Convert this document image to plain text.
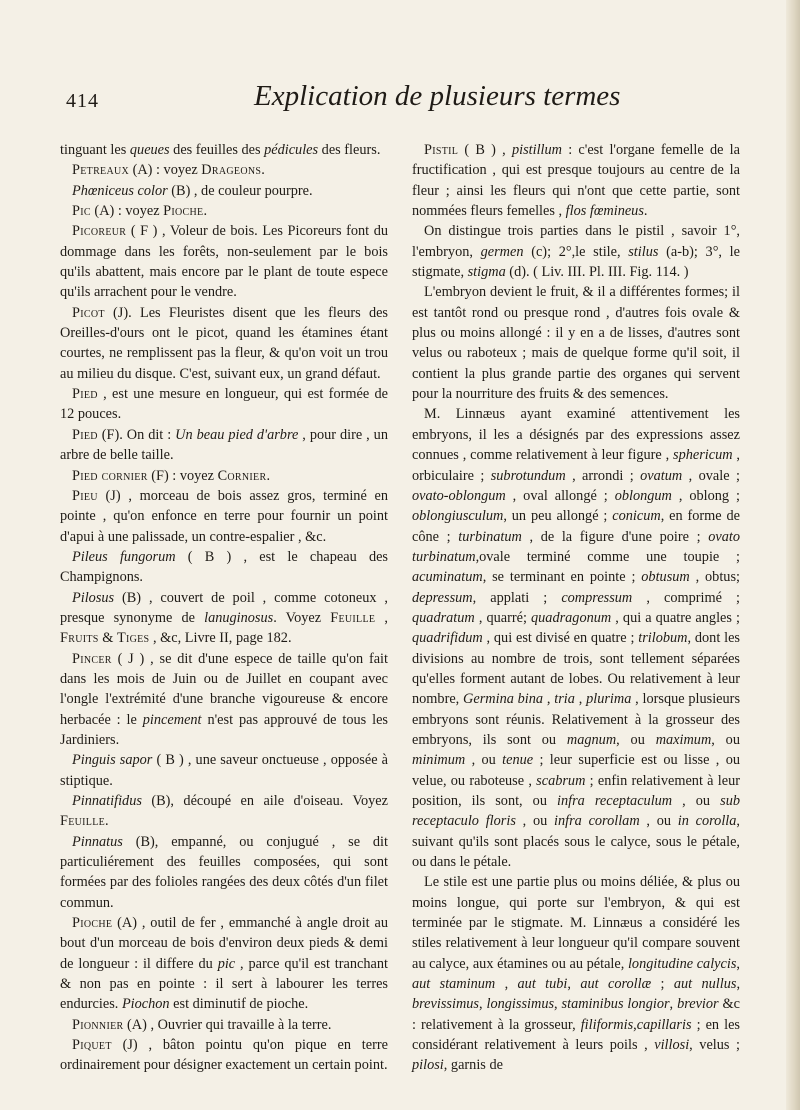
414	Explication de plusieurs termes

tinguant les queues des feuilles des pédicules des fleurs.

Petreaux (A) : voyez Drageons.

Phœniceus color (B) , de couleur pourpre.

Pic (A) : voyez Pioche.

Picoreur ( F ) , Voleur de bois. Les Picoreurs font du dommage dans les forêts, non-seulement par le bois qu'ils abattent, mais encore par le plant de toute espece qu'ils arrachent pour le vendre.

Picot (J). Les Fleuristes disent que les fleurs des Oreilles-d'ours ont le picot, quand les étamines étant courtes, ne remplissent pas la fleur, & qu'on voit un trou au milieu du disque. C'est, suivant eux, un grand défaut.

Pied , est une mesure en longueur, qui est formée de 12 pouces.

Pied (F). On dit : Un beau pied d'arbre , pour dire , un arbre de belle taille.

Pied cornier (F) : voyez Cornier.

Pieu (J) , morceau de bois assez gros, terminé en pointe , qu'on enfonce en terre pour fournir un point d'apui à une palissade, un contre-espalier , &c.

Pileus fungorum ( B ) , est le chapeau des Champignons.

Pilosus (B) , couvert de poil , comme cotoneux , presque synonyme de lanuginosus. Voyez Feuille , Fruits & Tiges , &c, Livre II, page 182.

Pincer ( J ) , se dit d'une espece de taille qu'on fait dans les mois de Juin ou de Juillet en coupant avec l'ongle l'extrémité d'une branche vigoureuse & encore herbacée : le pincement n'est pas approuvé de tous les Jardiniers.

Pinguis sapor ( B ) , une saveur onctueuse , opposée à stiptique.

Pinnatifidus (B), découpé en aile d'oiseau. Voyez Feuille.

Pinnatus (B), empanné, ou conjugué , se dit particuliérement des feuilles composées, qui sont formées par des folioles rangées des deux côtés d'un filet commun.

Pioche (A) , outil de fer , emmanché à angle droit au bout d'un morceau de bois d'environ deux pieds & demi de longueur : il differe du pic , parce qu'il est tranchant & non pas en pointe : il sert à labourer les terres endurcies. Piochon est diminutif de pioche.

Pionnier (A) , Ouvrier qui travaille à la terre.

Piquet (J) , bâton pointu qu'on pique en terre ordinairement pour désigner exactement un certain point.

Pistil ( B ) , pistillum : c'est l'organe femelle de la fructification , qui est presque toujours au centre de la fleur ; ainsi les fleurs qui n'ont que cette partie, sont nommées fleurs femelles , flos fœmineus.

On distingue trois parties dans le pistil , savoir 1°, l'embryon, germen (c); 2°,le stile, stilus (a-b); 3°, le stigmate, stigma (d). ( Liv. III. Pl. III. Fig. 114. )

L'embryon devient le fruit, & il a différentes formes; il est tantôt rond ou presque rond , d'autres fois ovale & plus ou moins allongé : il y en a de lisses, d'autres sont velus ou raboteux ; mais de quelque forme qu'il soit, il contient la plus grande partie des organes qui servent pour la nourriture des fruits & des semences.

M. Linnæus ayant examiné attentivement les embryons, il les a désignés par des expressions assez connues , comme relativement à leur figure , sphericum , orbiculaire ; subrotundum , arrondi ; ovatum , ovale ; ovato-oblongum , oval allongé ; oblongum , oblong ; oblongiusculum, un peu allongé ; conicum, en forme de cône ; turbinatum , de la figure d'une poire ; ovato turbinatum,ovale terminé comme une toupie ; acuminatum, se terminant en pointe ; obtusum , obtus; depressum, applati ; compressum , comprimé ; quadratum , quarré; quadragonum , qui a quatre angles ; quadrifidum , qui est divisé en quatre ; trilobum, dont les divisions au nombre de trois, sont tellement séparées qu'elles forment autant de lobes. Ou relativement à leur nombre, Germina bina , tria , plurima , lorsque plusieurs embryons sont réunis. Relativement à la grosseur des embryons, ils sont ou magnum, ou maximum, ou minimum , ou tenue ; leur superficie est ou lisse , ou velue, ou raboteuse , scabrum ; enfin relativement à leur position, ils sont, ou infra receptaculum , ou sub receptaculo floris , ou infra corollam , ou in corolla, suivant qu'ils sont placés sous le calyce, sous le pétale, ou dans le pétale.

Le stile est une partie plus ou moins déliée, & plus ou moins longue, qui porte sur l'embryon, & qui est terminée par le stigmate. M. Linnæus a considéré les stiles relativement à leur longueur qu'il compare souvent au calyce, aux étamines ou au pétale, longitudine calycis, aut staminum , aut tubi, aut corollæ ; aut nullus, brevissimus, longissimus, staminibus longior, brevior &c : relativement à la grosseur, filiformis,capillaris ; en les considérant relativement à leurs poils , villosi, velus ; pilosi, garnis de
